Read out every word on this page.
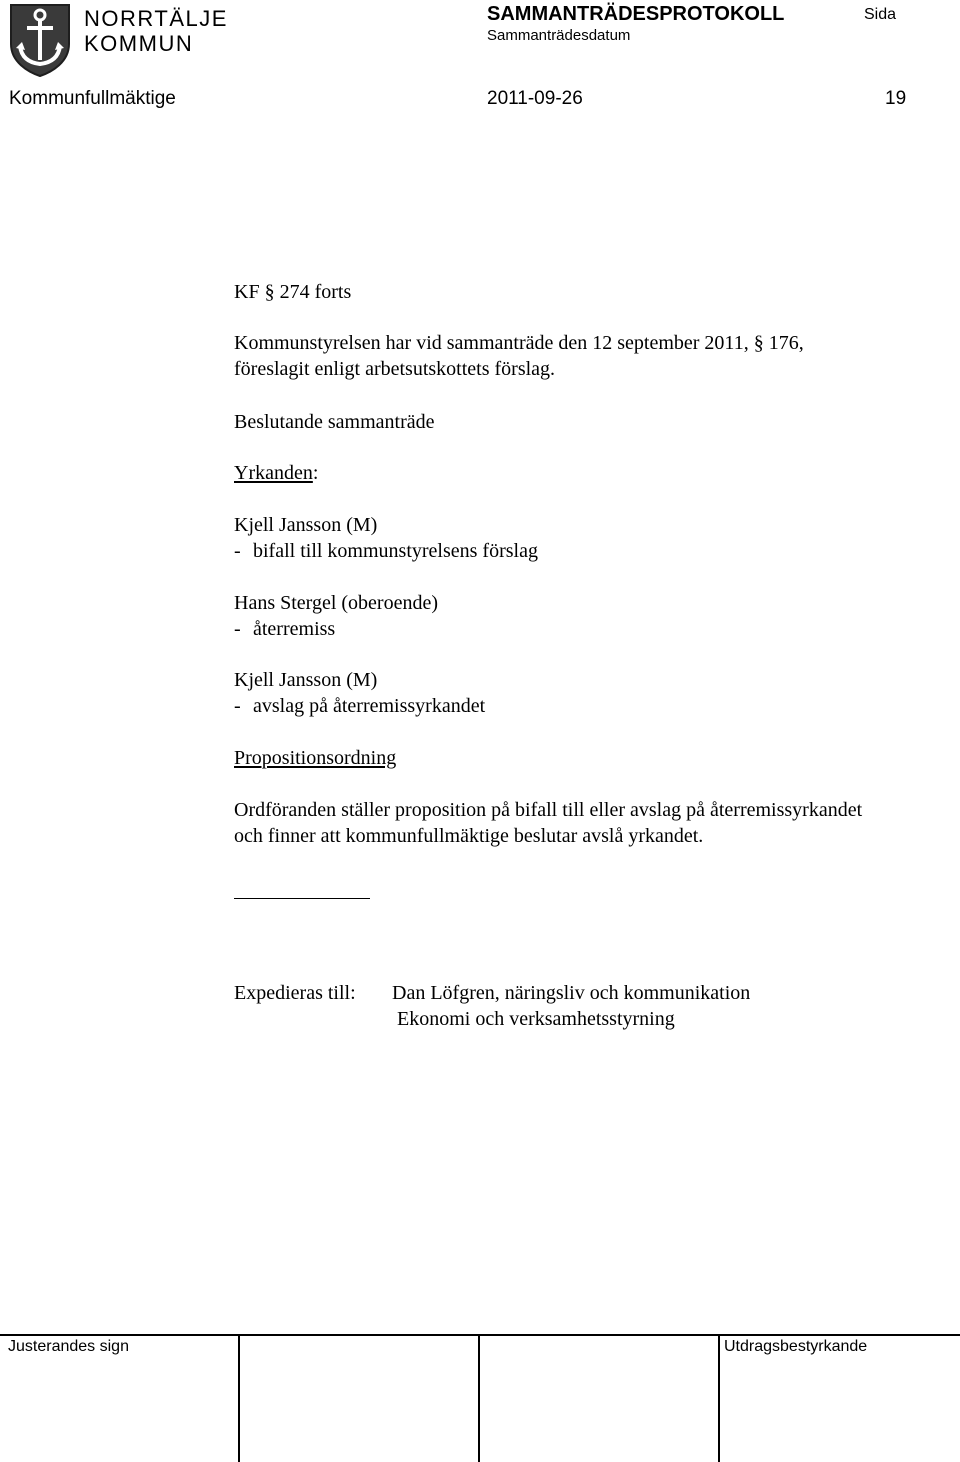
NORRTÄLJE
KOMMUN
SAMMANTRÄDESPROTOKOLL
Sammanträdesdatum
Sida
Kommunfullmäktige	2011-09-26	19
KF § 274 forts
Kommunstyrelsen har vid sammanträde den 12 september 2011, § 176,
föreslagit enligt arbetsutskottets förslag.
Beslutande sammanträde
Yrkanden:
Kjell Jansson (M)
- bifall till kommunstyrelsens förslag
Hans Stergel (oberoende)
- återremiss
Kjell Jansson (M)
- avslag på återremissyrkandet
Propositionsordning
Ordföranden ställer proposition på bifall till eller avslag på återremissyrkandet
och finner att kommunfullmäktige beslutar avslå yrkandet.
Expedieras till: Dan Löfgren, näringsliv och kommunikation
Ekonomi och verksamhetsstyrning
Justerandes sign	Utdragsbestyrkande
